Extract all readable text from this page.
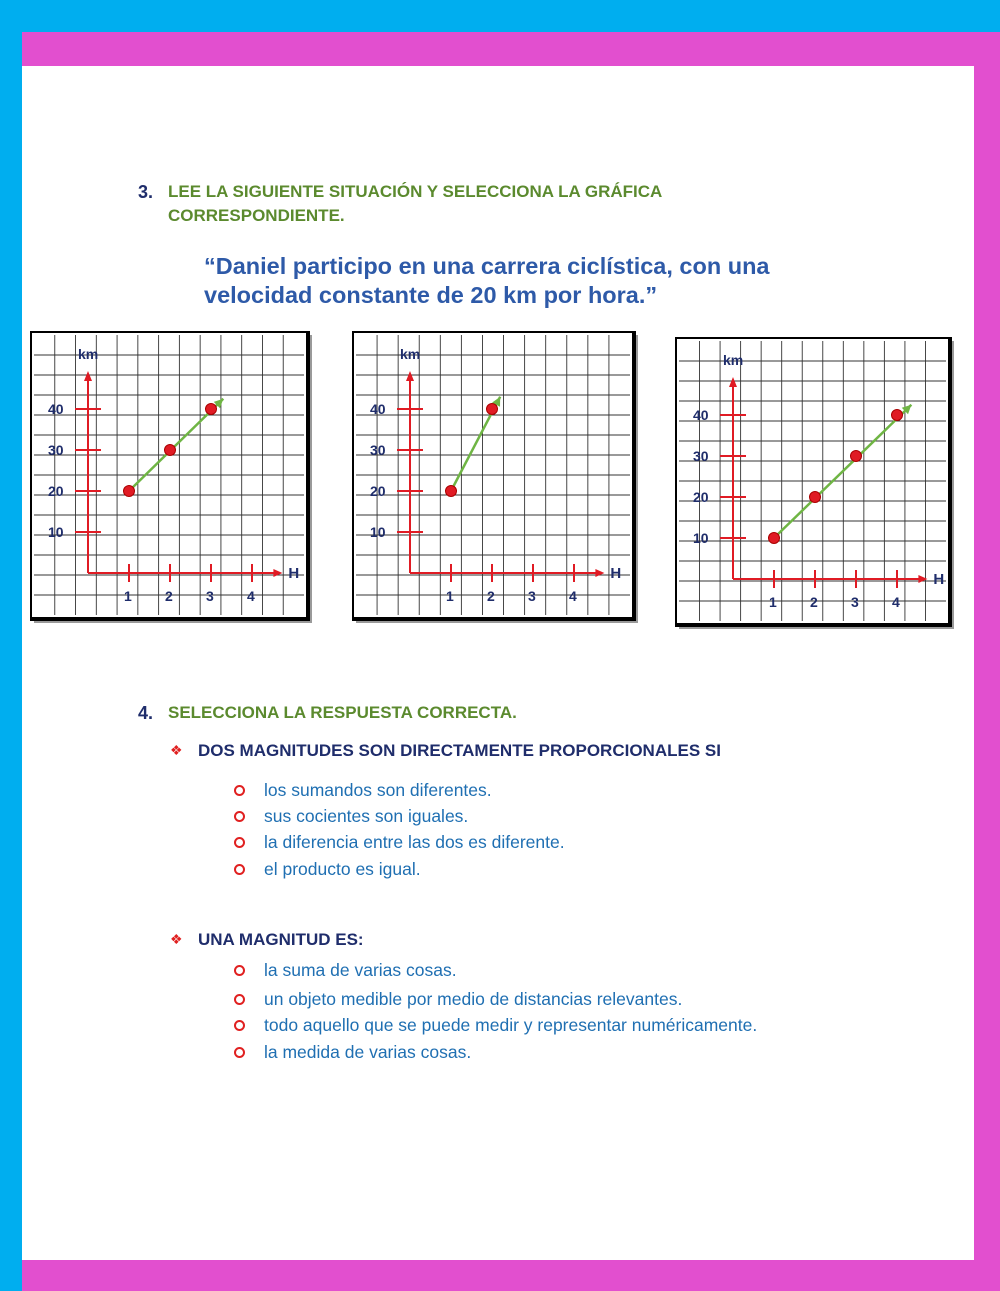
3. LEE LA SIGUIENTE SITUACIÓN Y SELECCIONA LA GRÁFICA
CORRESPONDIENTE.
“Daniel participo en una carrera ciclística, con una
velocidad constante de 20 km por hora.”
km
H
1 2 3 4
10
20
30
40
km
H
1 2 3 4
10
20
30
40
km
H
1 2 3 4
10
20
30
40
4. SELECCIONA LA RESPUESTA CORRECTA.
❖ DOS MAGNITUDES SON DIRECTAMENTE PROPORCIONALES SI
los sumandos son diferentes.
sus cocientes son iguales.
la diferencia entre las dos es diferente.
el producto es igual.
❖ UNA MAGNITUD ES:
la suma de varias cosas.
un objeto medible por medio de distancias relevantes.
todo aquello que se puede medir y representar numéricamente.
la medida de varias cosas.
